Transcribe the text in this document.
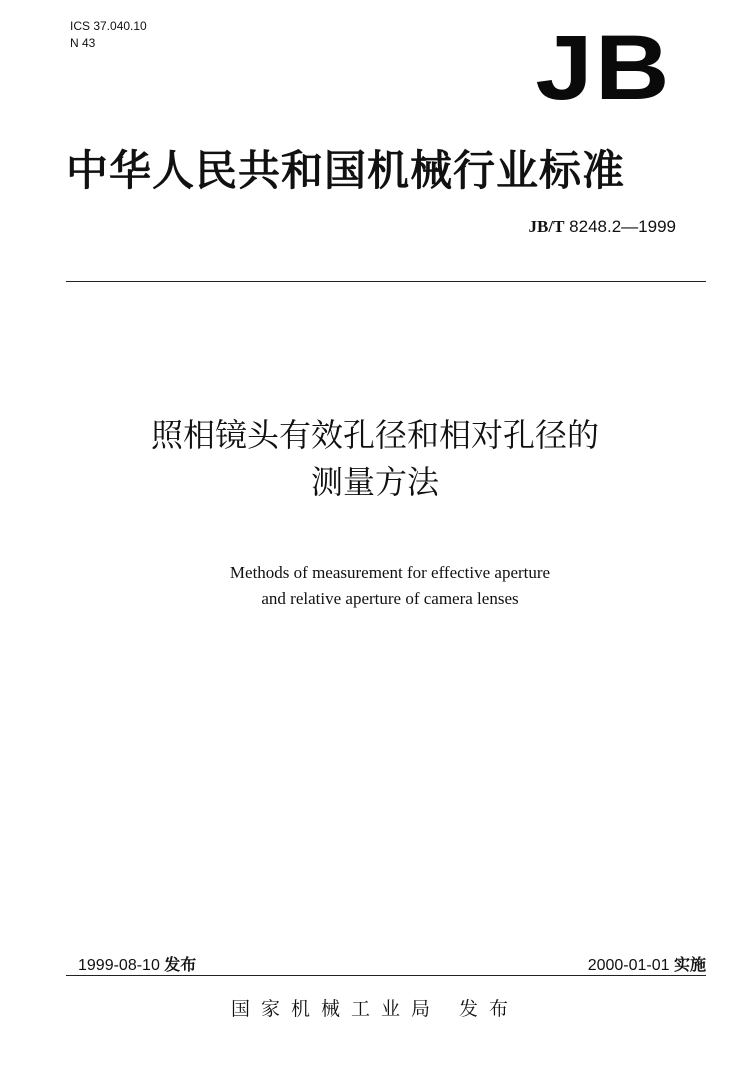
ICS 37.040.10
N 43	JB
中华人民共和国机械行业标准
JB/T 8248.2—1999
照相镜头有效孔径和相对孔径的
测量方法
Methods of measurement for effective aperture
and relative aperture of camera lenses
1999-08-10 发布	2000-01-01 实施
国家机械工业局 发布
